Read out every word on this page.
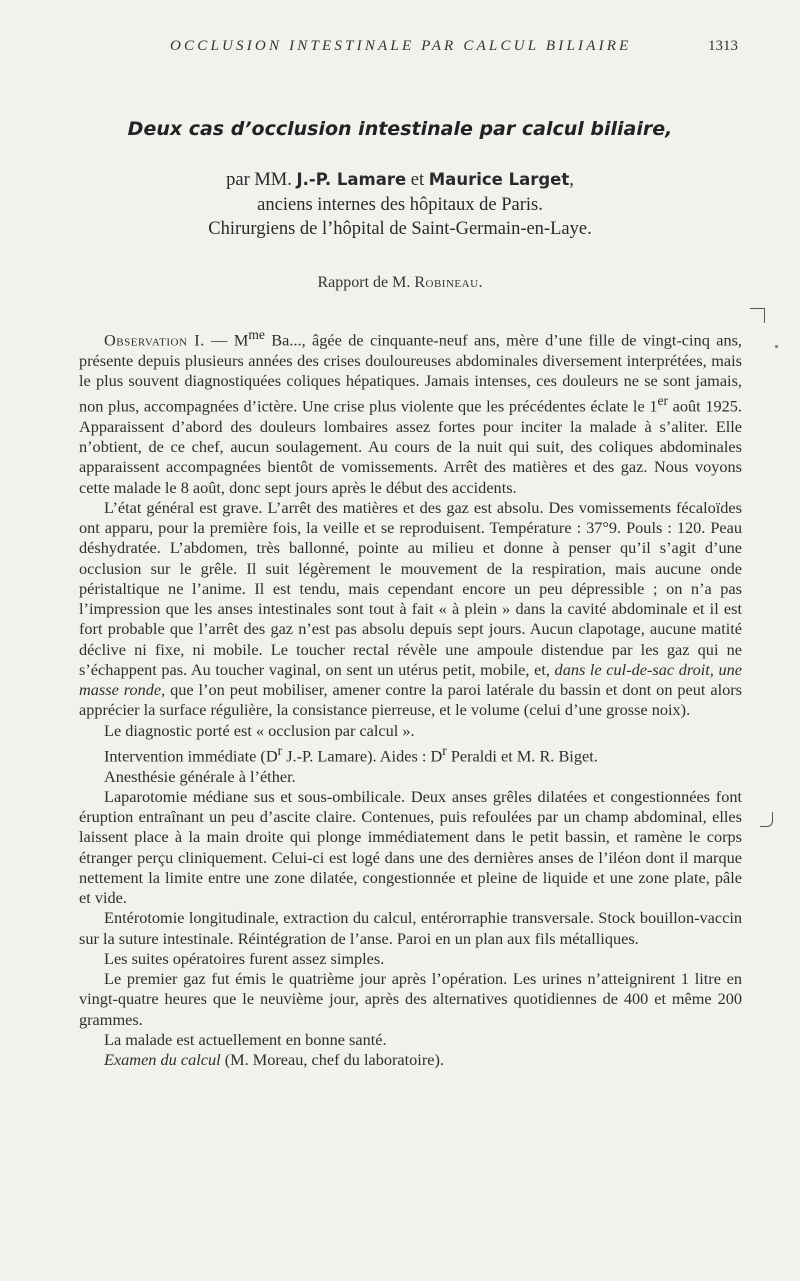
OCCLUSION INTESTINALE PAR CALCUL BILIAIRE	1313
Deux cas d’occlusion intestinale par calcul biliaire,
par MM. J.-P. Lamare et Maurice Larget,
anciens internes des hôpitaux de Paris.
Chirurgiens de l’hôpital de Saint-Germain-en-Laye.
Rapport de M. Robineau.

Observation I. — $M^{me}$ Ba..., âgée de cinquante-neuf ans, mère d’une fille de vingt-cinq ans, présente depuis plusieurs années des crises douloureuses abdominales diversement interprétées, mais le plus souvent diagnostiquées coliques hépatiques. Jamais intenses, ces douleurs ne se sont jamais, non plus, accompagnées d’ictère. Une crise plus violente que les précédentes éclate le 1er août 1925. Apparaissent d’abord des douleurs lombaires assez fortes pour inciter la malade à s’aliter. Elle n’obtient, de ce chef, aucun soulagement. Au cours de la nuit qui suit, des coliques abdominales apparaissent accompagnées bientôt de vomissements. Arrêt des matières et des gaz. Nous voyons cette malade le 8 août, donc sept jours après le début des accidents.

L’état général est grave. L’arrêt des matières et des gaz est absolu. Des vomissements fécaloïdes ont apparu, pour la première fois, la veille et se reproduisent. Température : 37°9. Pouls : 120. Peau déshydratée. L’abdomen, très ballonné, pointe au milieu et donne à penser qu’il s’agit d’une occlusion sur le grêle. Il suit légèrement le mouvement de la respiration, mais aucune onde péristaltique ne l’anime. Il est tendu, mais cependant encore un peu dépressible ; on n’a pas l’impression que les anses intestinales sont tout à fait « à plein » dans la cavité abdominale et il est fort probable que l’arrêt des gaz n’est pas absolu depuis sept jours. Aucun clapotage, aucune matité déclive ni fixe, ni mobile. Le toucher rectal révèle une ampoule distendue par les gaz qui ne s’échappent pas. Au toucher vaginal, on sent un utérus petit, mobile, et, dans le cul-de-sac droit, une masse ronde, que l’on peut mobiliser, amener contre la paroi latérale du bassin et dont on peut alors apprécier la surface régulière, la consistance pierreuse, et le volume (celui d’une grosse noix).

Le diagnostic porté est « occlusion par calcul ».

Intervention immédiate ($D^r$ J.-P. Lamare). Aides : $D^r$ Peraldi et M. R. Biget.

Anesthésie générale à l’éther.

Laparotomie médiane sus et sous-ombilicale. Deux anses grêles dilatées et congestionnées font éruption entraînant un peu d’ascite claire. Contenues, puis refoulées par un champ abdominal, elles laissent place à la main droite qui plonge immédiatement dans le petit bassin, et ramène le corps étranger perçu cliniquement. Celui-ci est logé dans une des dernières anses de l’iléon dont il marque nettement la limite entre une zone dilatée, congestionnée et pleine de liquide et une zone plate, pâle et vide.

Entérotomie longitudinale, extraction du calcul, entérorraphie transversale. Stock bouillon-vaccin sur la suture intestinale. Réintégration de l’anse. Paroi en un plan aux fils métalliques.

Les suites opératoires furent assez simples.

Le premier gaz fut émis le quatrième jour après l’opération. Les urines n’atteignirent 1 litre en vingt-quatre heures que le neuvième jour, après des alternatives quotidiennes de 400 et même 200 grammes.

La malade est actuellement en bonne santé.

Examen du calcul (M. Moreau, chef du laboratoire).
